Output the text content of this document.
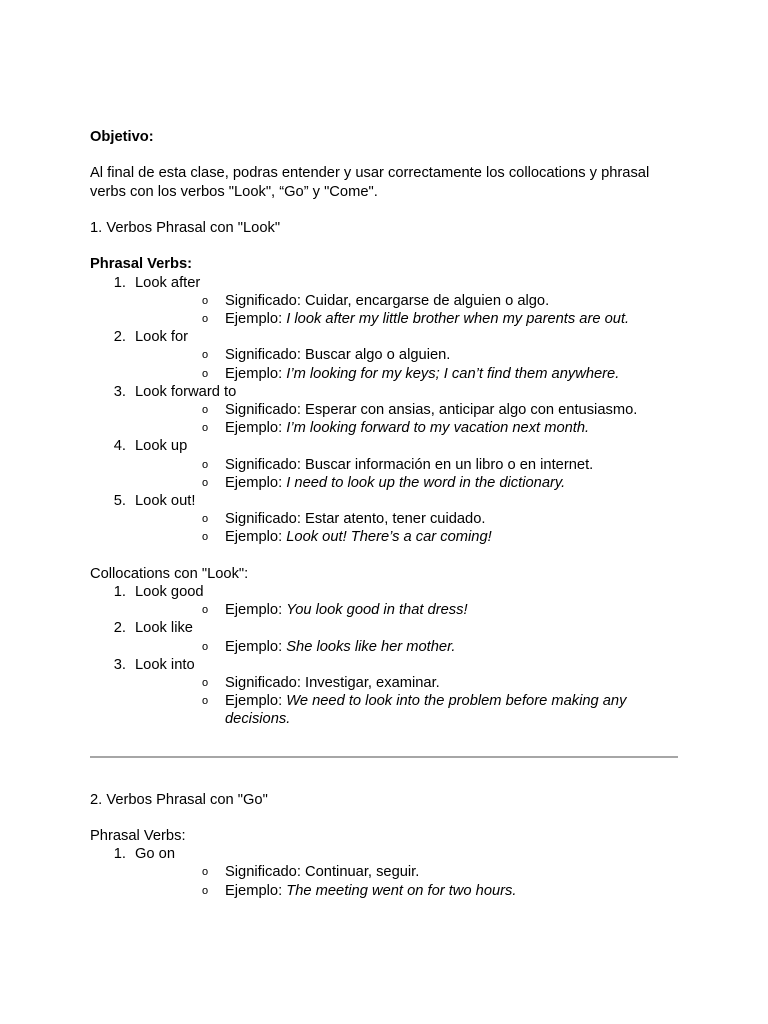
Objetivo:

Al final de esta clase, podras entender y usar correctamente los collocations y phrasal verbs con los verbos "Look", “Go” y "Come".

1. Verbos Phrasal con "Look"

Phrasal Verbs:

1. Look after
o Significado: Cuidar, encargarse de alguien o algo.
o Ejemplo: I look after my little brother when my parents are out.
2. Look for
o Significado: Buscar algo o alguien.
o Ejemplo: I’m looking for my keys; I can’t find them anywhere.
3. Look forward to
o Significado: Esperar con ansias, anticipar algo con entusiasmo.
o Ejemplo: I’m looking forward to my vacation next month.
4. Look up
o Significado: Buscar información en un libro o en internet.
o Ejemplo: I need to look up the word in the dictionary.
5. Look out!
o Significado: Estar atento, tener cuidado.
o Ejemplo: Look out! There’s a car coming!

Collocations con "Look":

1. Look good
o Ejemplo: You look good in that dress!
2. Look like
o Ejemplo: She looks like her mother.
3. Look into
o Significado: Investigar, examinar.
o Ejemplo: We need to look into the problem before making any decisions.

2. Verbos Phrasal con "Go"

Phrasal Verbs:

1. Go on
o Significado: Continuar, seguir.
o Ejemplo: The meeting went on for two hours.
